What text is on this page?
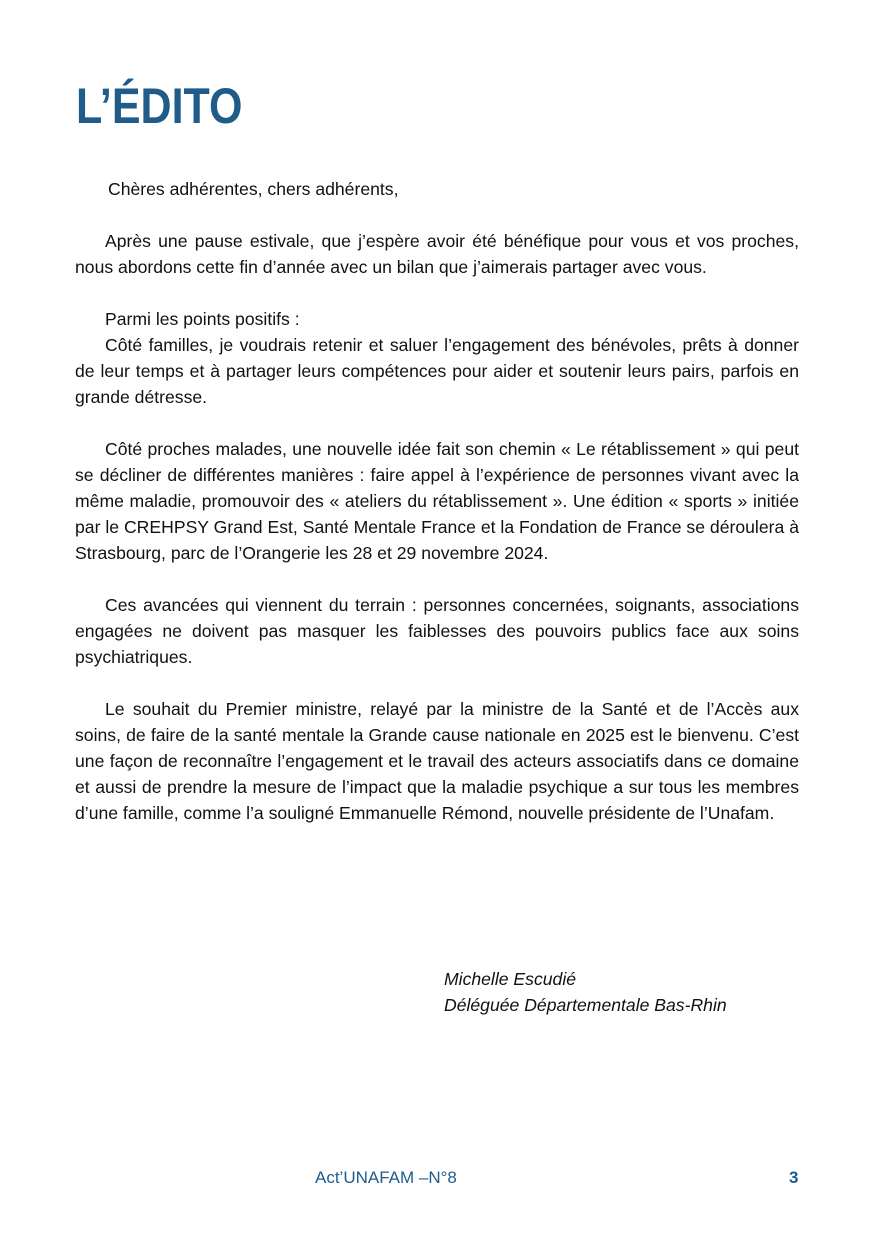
L’ÉDITO

Chères adhérentes, chers adhérents,

Après une pause estivale, que j’espère avoir été bénéfique pour vous et vos proches, nous abordons cette fin d’année avec un bilan que j’aimerais partager avec vous.

Parmi les points positifs :

Côté familles, je voudrais retenir et saluer l’engagement des bénévoles, prêts à donner de leur temps et à partager leurs compétences pour aider et soutenir leurs pairs, parfois en grande détresse.

Côté proches malades, une nouvelle idée fait son chemin « Le rétablissement » qui peut se décliner de différentes manières : faire appel à l’expérience de personnes vivant avec la même maladie, promouvoir des « ateliers du rétablissement ». Une édition « sports » initiée par le CREHPSY Grand Est, Santé Mentale France et la Fondation de France se déroulera à Strasbourg, parc de l’Orangerie les 28 et 29 novembre 2024.

Ces avancées qui viennent du terrain : personnes concernées, soignants, associations engagées ne doivent pas masquer les faiblesses des pouvoirs publics face aux soins psychiatriques.

Le souhait du Premier ministre, relayé par la ministre de la Santé et de l’Accès aux soins, de faire de la santé mentale la Grande cause nationale en 2025 est le bienvenu. C’est une façon de reconnaître l’engagement et le travail des acteurs associatifs dans ce domaine et aussi de prendre la mesure de l’impact que la maladie psychique a sur tous les membres d’une famille, comme l’a souligné Emmanuelle Rémond, nouvelle présidente de l’Unafam.

Michelle Escudié
Déléguée Départementale Bas-Rhin
Act’UNAFAM –N°8	3
